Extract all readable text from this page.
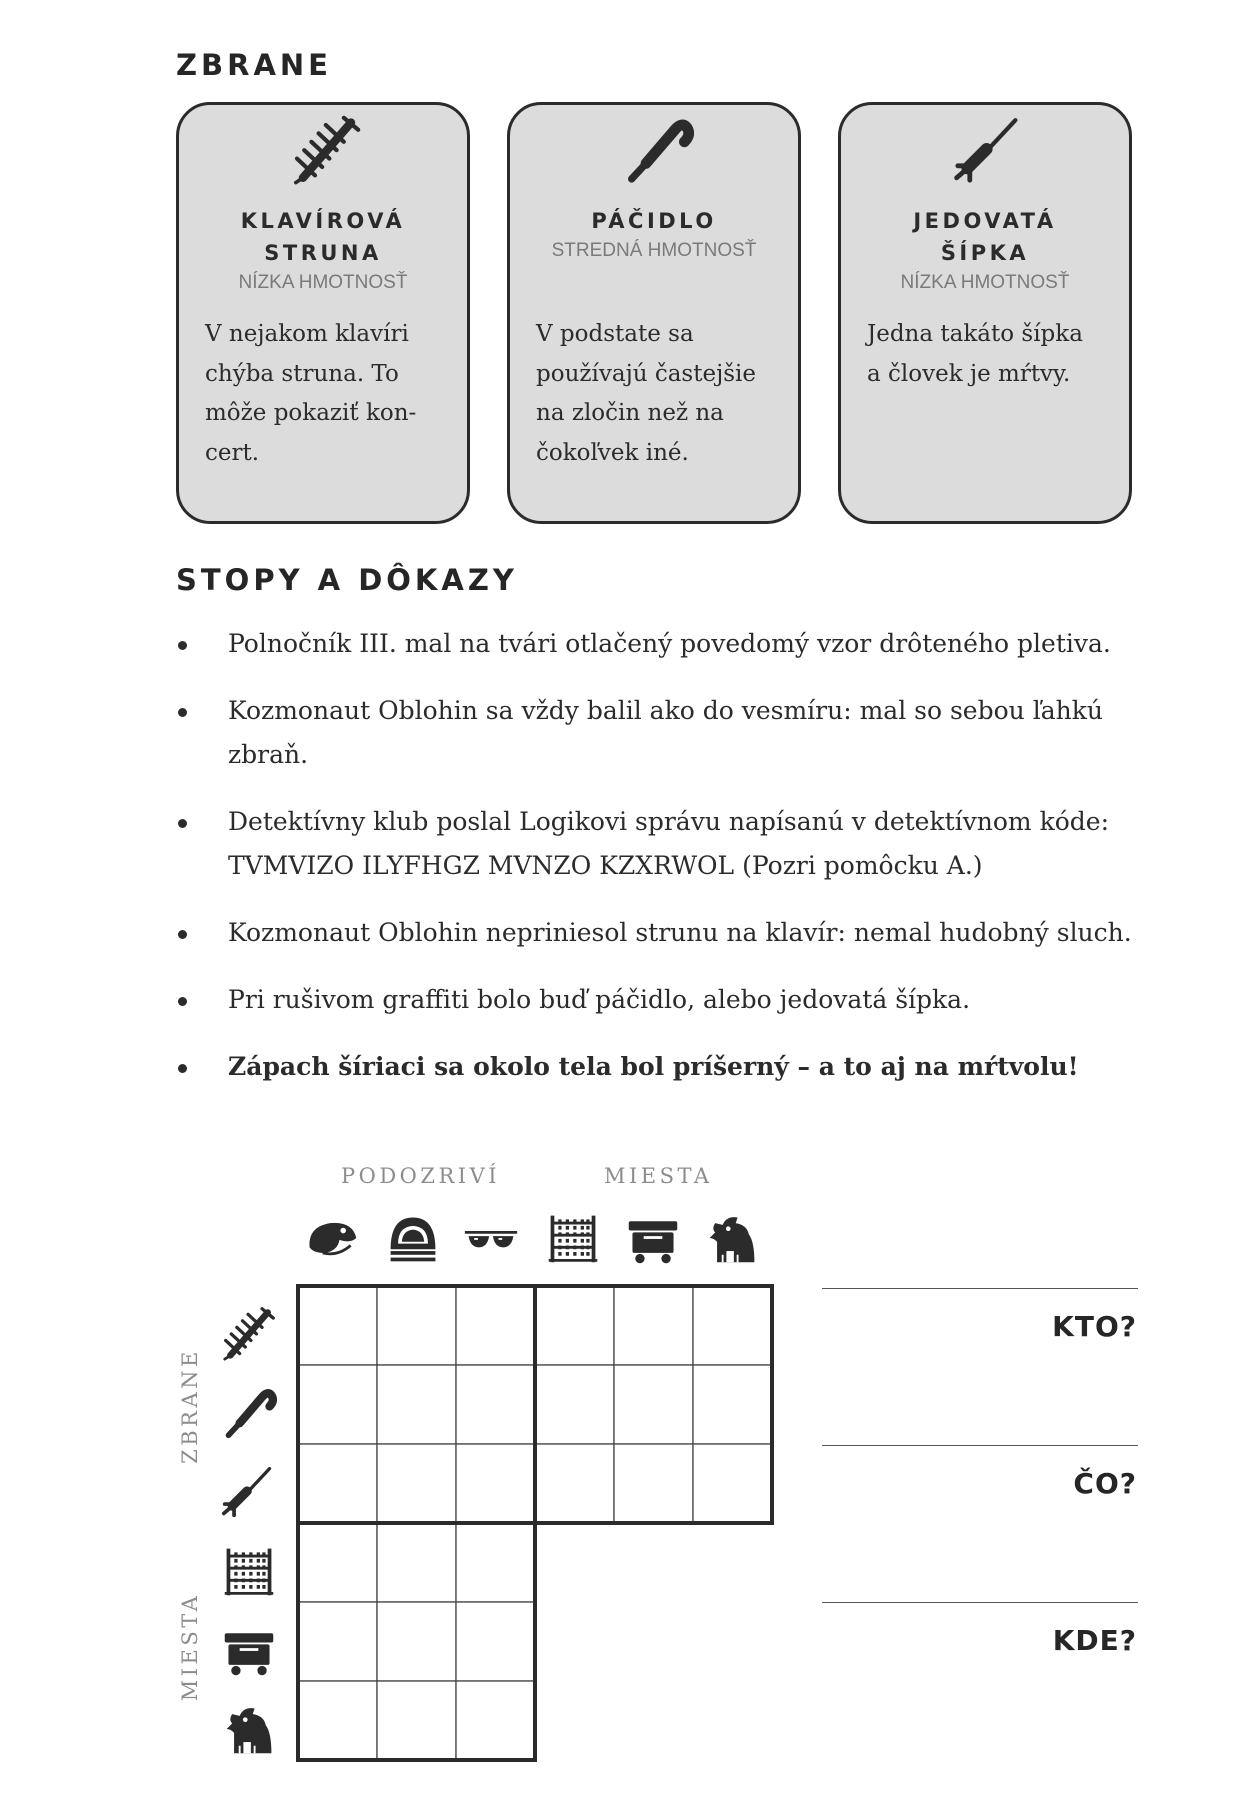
ZBRANE
KLAVÍROVÁ
STRUNA
NÍZKA HMOTNOSŤ
V nejakom klavíri
chýba struna. To
môže pokaziť kon-
cert.
PÁČIDLO
STREDNÁ HMOTNOSŤ
V podstate sa
používajú častejšie
na zločin než na
čokoľvek iné.
JEDOVATÁ
ŠÍPKA
NÍZKA HMOTNOSŤ
Jedna takáto šípka
a človek je mŕtvy.
STOPY A DÔKAZY
Polnočník III. mal na tvári otlačený povedomý vzor drôteného pletiva.
Kozmonaut Oblohin sa vždy balil ako do vesmíru: mal so sebou ľahkú zbraň.
Detektívny klub poslal Logikovi správu napísanú v detektívnom kóde: TVMVIZO ILYFHGZ MVNZO KZXRWOL (Pozri pomôcku A.)
Kozmonaut Oblohin nepriniesol strunu na klavír: nemal hudobný sluch.
Pri rušivom graffiti bolo buď páčidlo, alebo jedovatá šípka.
Zápach šíriaci sa okolo tela bol príšerný – a to aj na mŕtvolu!
PODOZRIVÍ	MIESTA
ZBRANE
MIESTA
KTO?
ČO?
KDE?
